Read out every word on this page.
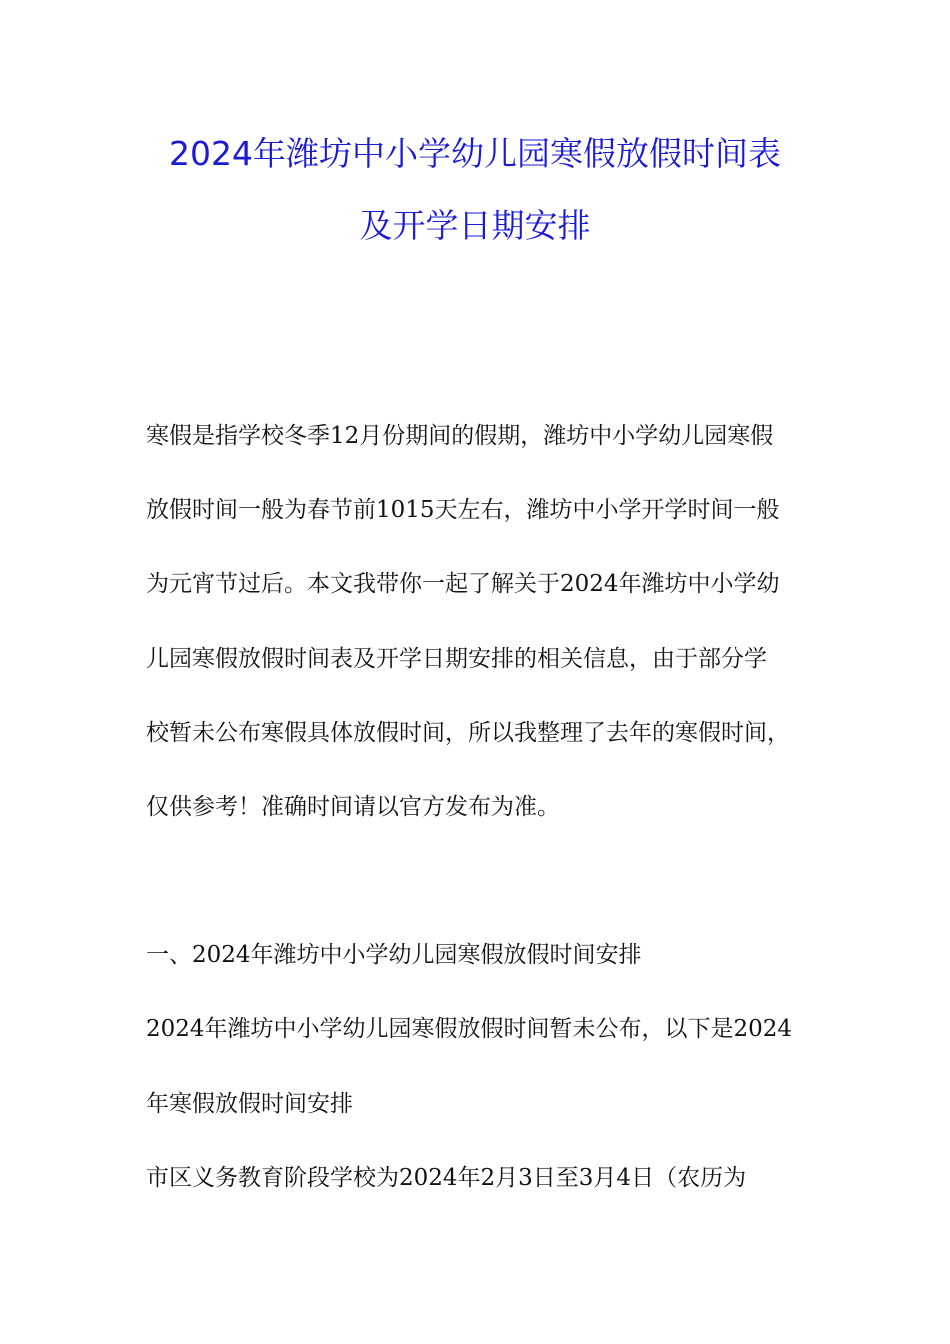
2024年潍坊中小学幼儿园寒假放假时间表
及开学日期安排
寒假是指学校冬季12月份期间的假期，潍坊中小学幼儿园寒假
放假时间一般为春节前1015天左右，潍坊中小学开学时间一般
为元宵节过后。本文我带你一起了解关于2024年潍坊中小学幼
儿园寒假放假时间表及开学日期安排的相关信息，由于部分学
校暂未公布寒假具体放假时间，所以我整理了去年的寒假时间，
仅供参考！准确时间请以官方发布为准。
一、2024年潍坊中小学幼儿园寒假放假时间安排
2024年潍坊中小学幼儿园寒假放假时间暂未公布，以下是2024
年寒假放假时间安排
市区义务教育阶段学校为2024年2月3日至3月4日（农历为
